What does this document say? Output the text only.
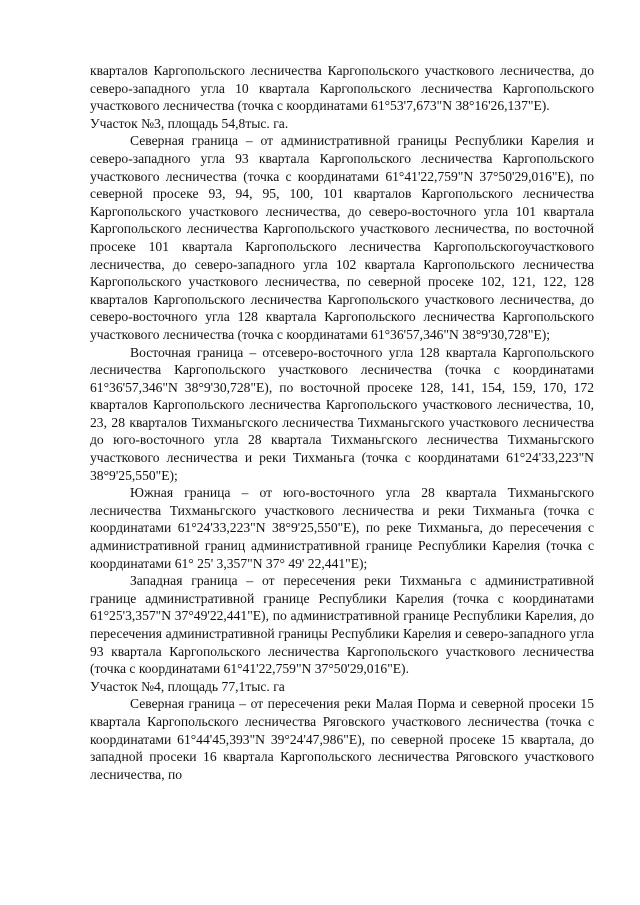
кварталов Каргопольского лесничества Каргопольского участкового лесничества, до северо-западного угла 10 квартала Каргопольского лесничества Каргопольского участкового лесничества (точка с координатами 61°53'7,673"N 38°16'26,137"E).

Участок №3, площадь 54,8тыс. га.

Северная граница – от административной границы Республики Карелия и северо-западного угла 93 квартала Каргопольского лесничества Каргопольского участкового лесничества (точка с координатами 61°41'22,759"N 37°50'29,016"E), по северной просеке 93, 94, 95, 100, 101 кварталов Каргопольского лесничества Каргопольского участкового лесничества, до северо-восточного угла 101 квартала Каргопольского лесничества Каргопольского участкового лесничества, по восточной просеке 101 квартала Каргопольского лесничества Каргопольскогоучасткового лесничества, до северо-западного угла 102 квартала Каргопольского лесничества Каргопольского участкового лесничества, по северной просеке 102, 121, 122, 128 кварталов Каргопольского лесничества Каргопольского участкового лесничества, до северо-восточного угла 128 квартала Каргопольского лесничества Каргопольского участкового лесничества (точка с координатами 61°36'57,346"N 38°9'30,728"E);

Восточная граница – отсеверо-восточного угла 128 квартала Каргопольского лесничества Каргопольского участкового лесничества (точка с координатами 61°36'57,346"N 38°9'30,728"E), по восточной просеке 128, 141, 154, 159, 170, 172 кварталов Каргопольского лесничества Каргопольского участкового лесничества, 10, 23, 28 кварталов Тихманьгского лесничества Тихманьгского участкового лесничества до юго-восточного угла 28 квартала Тихманьгского лесничества Тихманьгского участкового лесничества и реки Тихманьга (точка с координатами 61°24'33,223"N 38°9'25,550"E);

Южная граница – от юго-восточного угла 28 квартала Тихманьгского лесничества Тихманьгского участкового лесничества и реки Тихманьга (точка с координатами 61°24'33,223"N 38°9'25,550"E), по реке Тихманьга, до пересечения с административной границ административной границе Республики Карелия (точка с координатами 61° 25' 3,357"N 37° 49' 22,441"E);

Западная граница – от пересечения реки Тихманьга с административной границе административной границе Республики Карелия (точка с координатами 61°25'3,357"N 37°49'22,441"E), по административной границе Республики Карелия, до пересечения административной границы Республики Карелия и северо-западного угла 93 квартала Каргопольского лесничества Каргопольского участкового лесничества (точка с координатами 61°41'22,759"N 37°50'29,016"E).

Участок №4, площадь 77,1тыс. га

Северная граница – от пересечения реки Малая Порма и северной просеки 15 квартала Каргопольского лесничества Ряговского участкового лесничества (точка с координатами 61°44'45,393"N 39°24'47,986"E), по северной просеке 15 квартала, до западной просеки 16 квартала Каргопольского лесничества Ряговского участкового лесничества, по
